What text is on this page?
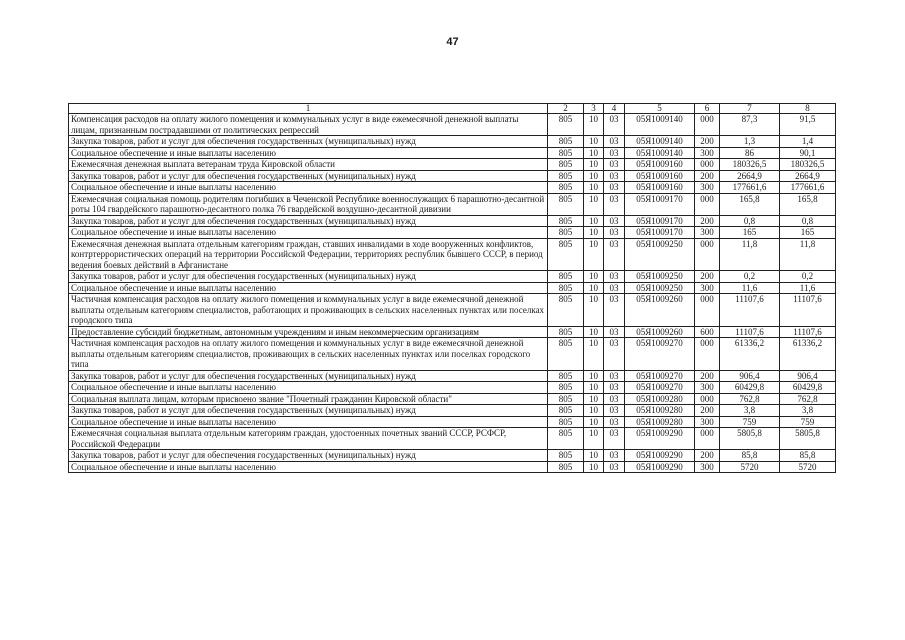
47
1	2	3	4	5	6	7	8
Компенсация расходов на оплату жилого помещения и коммунальных услуг в виде ежемесячной денежной выплаты лицам, признанным пострадавшими от политических репрессий	805	10	03	05Я1009140	000	87,3	91,5
Закупка товаров, работ и услуг для обеспечения государственных (муниципальных) нужд	805	10	03	05Я1009140	200	1,3	1,4
Социальное обеспечение и иные выплаты населению	805	10	03	05Я1009140	300	86	90,1
Ежемесячная денежная выплата ветеранам труда Кировской области	805	10	03	05Я1009160	000	180326,5	180326,5
Закупка товаров, работ и услуг для обеспечения государственных (муниципальных) нужд	805	10	03	05Я1009160	200	2664,9	2664,9
Социальное обеспечение и иные выплаты населению	805	10	03	05Я1009160	300	177661,6	177661,6
Ежемесячная социальная помощь родителям погибших в Чеченской Республике военнослужащих 6 парашютно-десантной роты 104 гвардейского парашютно-десантного полка 76 гвардейской воздушно-десантной дивизии	805	10	03	05Я1009170	000	165,8	165,8
Закупка товаров, работ и услуг для обеспечения государственных (муниципальных) нужд	805	10	03	05Я1009170	200	0,8	0,8
Социальное обеспечение и иные выплаты населению	805	10	03	05Я1009170	300	165	165
Ежемесячная денежная выплата отдельным категориям граждан, ставших инвалидами в ходе вооруженных конфликтов, контртеррористических операций на территории Российской Федерации, территориях республик бывшего СССР, в период ведения боевых действий в Афганистане	805	10	03	05Я1009250	000	11,8	11,8
Закупка товаров, работ и услуг для обеспечения государственных (муниципальных) нужд	805	10	03	05Я1009250	200	0,2	0,2
Социальное обеспечение и иные выплаты населению	805	10	03	05Я1009250	300	11,6	11,6
Частичная компенсация расходов на оплату жилого помещения и коммунальных услуг в виде ежемесячной денежной выплаты отдельным категориям специалистов, работающих и проживающих в сельских населенных пунктах или поселках городского типа	805	10	03	05Я1009260	000	11107,6	11107,6
Предоставление субсидий бюджетным, автономным учреждениям и иным некоммерческим организациям	805	10	03	05Я1009260	600	11107,6	11107,6
Частичная компенсация расходов на оплату жилого помещения и коммунальных услуг в виде ежемесячной денежной выплаты отдельным категориям специалистов, проживающих в сельских населенных пунктах или поселках городского типа	805	10	03	05Я1009270	000	61336,2	61336,2
Закупка товаров, работ и услуг для обеспечения государственных (муниципальных) нужд	805	10	03	05Я1009270	200	906,4	906,4
Социальное обеспечение и иные выплаты населению	805	10	03	05Я1009270	300	60429,8	60429,8
Социальная выплата лицам, которым присвоено звание "Почетный гражданин Кировской области"	805	10	03	05Я1009280	000	762,8	762,8
Закупка товаров, работ и услуг для обеспечения государственных (муниципальных) нужд	805	10	03	05Я1009280	200	3,8	3,8
Социальное обеспечение и иные выплаты населению	805	10	03	05Я1009280	300	759	759
Ежемесячная социальная выплата отдельным категориям граждан, удостоенных почетных званий СССР, РСФСР, Российской Федерации	805	10	03	05Я1009290	000	5805,8	5805,8
Закупка товаров, работ и услуг для обеспечения государственных (муниципальных) нужд	805	10	03	05Я1009290	200	85,8	85,8
Социальное обеспечение и иные выплаты населению	805	10	03	05Я1009290	300	5720	5720
